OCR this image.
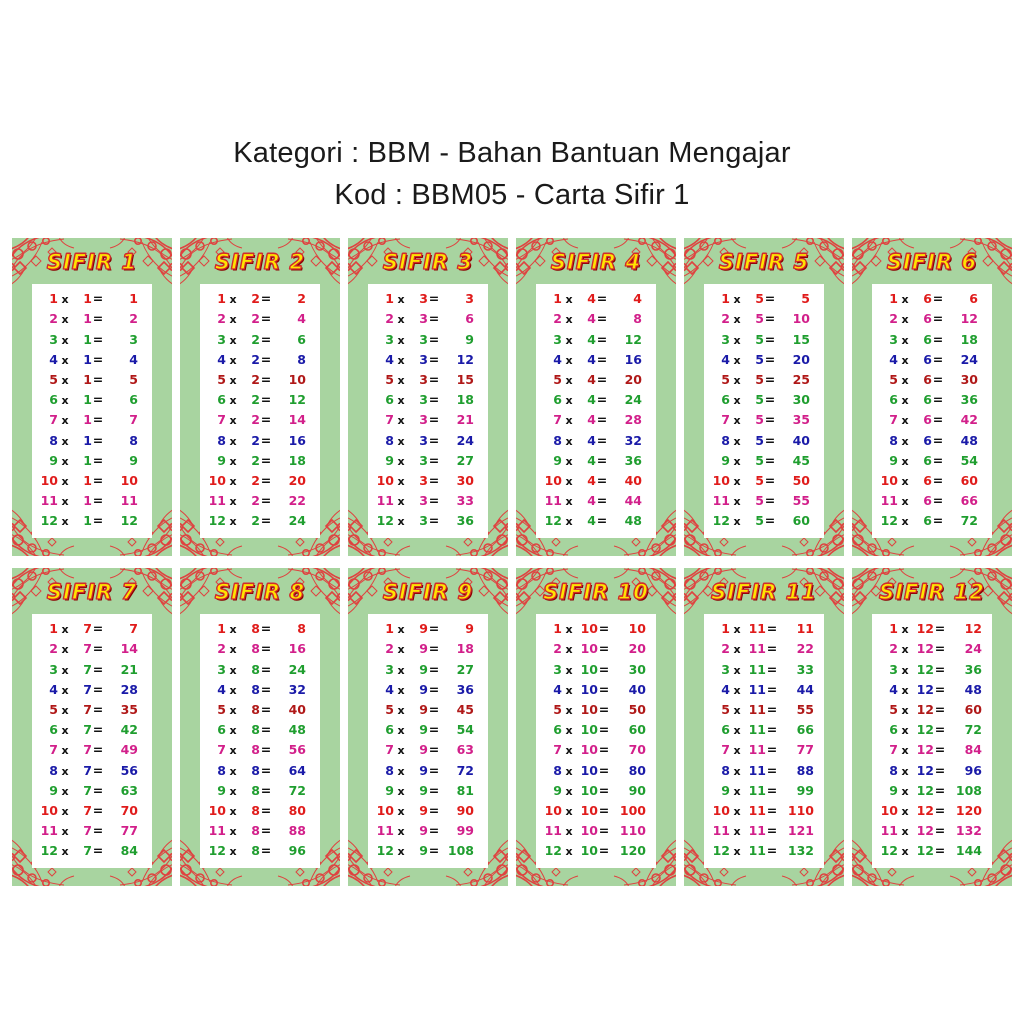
Kategori : BBM - Bahan Bantuan Mengajar
Kod : BBM05 - Carta Sifir 1
SIFIR 1
1 x	1 =	1
2 x	1 =	2
3 x	1 =	3
4 x	1 =	4
5 x	1 =	5
6 x	1 =	6
7 x	1 =	7
8 x	1 =	8
9 x	1 =	9
10 x	1 =	10
11 x	1 =	11
12 x	1 =	12
SIFIR 2
1 x	2 =	2
2 x	2 =	4
3 x	2 =	6
4 x	2 =	8
5 x	2 =	10
6 x	2 =	12
7 x	2 =	14
8 x	2 =	16
9 x	2 =	18
10 x	2 =	20
11 x	2 =	22
12 x	2 =	24
SIFIR 3
1 x	3 =	3
2 x	3 =	6
3 x	3 =	9
4 x	3 =	12
5 x	3 =	15
6 x	3 =	18
7 x	3 =	21
8 x	3 =	24
9 x	3 =	27
10 x	3 =	30
11 x	3 =	33
12 x	3 =	36
SIFIR 4
1 x	4 =	4
2 x	4 =	8
3 x	4 =	12
4 x	4 =	16
5 x	4 =	20
6 x	4 =	24
7 x	4 =	28
8 x	4 =	32
9 x	4 =	36
10 x	4 =	40
11 x	4 =	44
12 x	4 =	48
SIFIR 5
1 x	5 =	5
2 x	5 =	10
3 x	5 =	15
4 x	5 =	20
5 x	5 =	25
6 x	5 =	30
7 x	5 =	35
8 x	5 =	40
9 x	5 =	45
10 x	5 =	50
11 x	5 =	55
12 x	5 =	60
SIFIR 6
1 x	6 =	6
2 x	6 =	12
3 x	6 =	18
4 x	6 =	24
5 x	6 =	30
6 x	6 =	36
7 x	6 =	42
8 x	6 =	48
9 x	6 =	54
10 x	6 =	60
11 x	6 =	66
12 x	6 =	72
SIFIR 7
1 x	7 =	7
2 x	7 =	14
3 x	7 =	21
4 x	7 =	28
5 x	7 =	35
6 x	7 =	42
7 x	7 =	49
8 x	7 =	56
9 x	7 =	63
10 x	7 =	70
11 x	7 =	77
12 x	7 =	84
SIFIR 8
1 x	8 =	8
2 x	8 =	16
3 x	8 =	24
4 x	8 =	32
5 x	8 =	40
6 x	8 =	48
7 x	8 =	56
8 x	8 =	64
9 x	8 =	72
10 x	8 =	80
11 x	8 =	88
12 x	8 =	96
SIFIR 9
1 x	9 =	9
2 x	9 =	18
3 x	9 =	27
4 x	9 =	36
5 x	9 =	45
6 x	9 =	54
7 x	9 =	63
8 x	9 =	72
9 x	9 =	81
10 x	9 =	90
11 x	9 =	99
12 x	9 = 108
SIFIR 10
1 x 10 =	10
2 x 10 =	20
3 x 10 =	30
4 x 10 =	40
5 x 10 =	50
6 x 10 =	60
7 x 10 =	70
8 x 10 =	80
9 x 10 =	90
10 x 10 = 100
11 x 10 = 110
12 x 10 = 120
SIFIR 11
1 x 11 =	11
2 x 11 =	22
3 x 11 =	33
4 x 11 =	44
5 x 11 =	55
6 x 11 =	66
7 x 11 =	77
8 x 11 =	88
9 x 11 =	99
10 x 11 = 110
11 x 11 = 121
12 x 11 = 132
SIFIR 12
1 x 12 =	12
2 x 12 =	24
3 x 12 =	36
4 x 12 =	48
5 x 12 =	60
6 x 12 =	72
7 x 12 =	84
8 x 12 =	96
9 x 12 = 108
10 x 12 = 120
11 x 12 = 132
12 x 12 = 144
